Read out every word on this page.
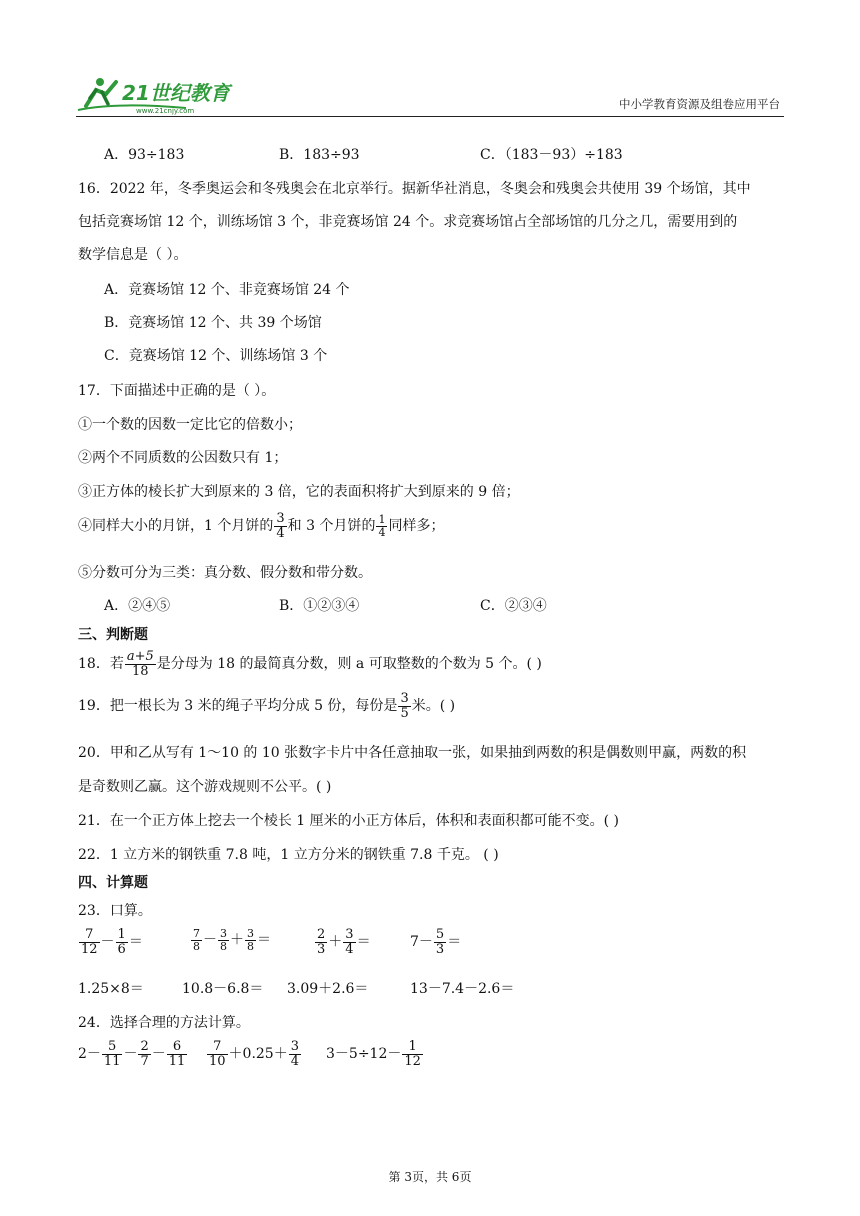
21世纪教育
www.21cnjy.com	中小学教育资源及组卷应用平台
A．93÷183	B．183÷93	C．（183－93）÷183
16．2022 年，冬季奥运会和冬残奥会在北京举行。据新华社消息，冬奥会和残奥会共使用 39 个场馆，其中
包括竞赛场馆 12 个，训练场馆 3 个，非竞赛场馆 24 个。求竞赛场馆占全部场馆的几分之几，需要用到的
数学信息是（ ）。
A．竞赛场馆 12 个、非竞赛场馆 24 个
B．竞赛场馆 12 个、共 39 个场馆
C．竞赛场馆 12 个、训练场馆 3 个
17．下面描述中正确的是（ ）。
①一个数的因数一定比它的倍数小；
②两个不同质数的公因数只有 1；
③正方体的棱长扩大到原来的 3 倍，它的表面积将扩大到原来的 9 倍；
④同样大小的月饼，1 个月饼的 $\frac{3}{4}$ 和 3 个月饼的 $\frac{1}{4}$ 同样多；
⑤分数可分为三类：真分数、假分数和带分数。
A．②④⑤	B．①②③④	C．②③④
三、判断题
18．若 $\frac{a+5}{18}$ 是分母为 18 的最简真分数，则 a 可取整数的个数为 5 个。( )
19．把一根长为 3 米的绳子平均分成 5 份，每份是 $\frac{3}{5}$ 米。( )
20．甲和乙从写有 1～10 的 10 张数字卡片中各任意抽取一张，如果抽到两数的积是偶数则甲赢，两数的积
是奇数则乙赢。这个游戏规则不公平。( )
21．在一个正方体上挖去一个棱长 1 厘米的小正方体后，体积和表面积都可能不变。( )
22．1 立方米的钢铁重 7.8 吨，1 立方分米的钢铁重 7.8 千克。 ( )
四、计算题
23．口算。
$\frac{7}{12} - \frac{1}{6}$ ＝	$\frac{7}{8} - \frac{3}{8} + \frac{3}{8}$ ＝	$\frac{2}{3} + \frac{3}{4}$ ＝	$7- \frac{5}{3}$ ＝
1.25×8＝	10.8－6.8＝ 3.09＋2.6＝	13－7.4－2.6＝
24．选择合理的方法计算。
$2- \frac{5}{11} - \frac{2}{7} - \frac{6}{11} \frac{7}{10} +0.25+ \frac{3}{4} 3-5\div 12- \frac{1}{12}$
第 3页，共 6页
